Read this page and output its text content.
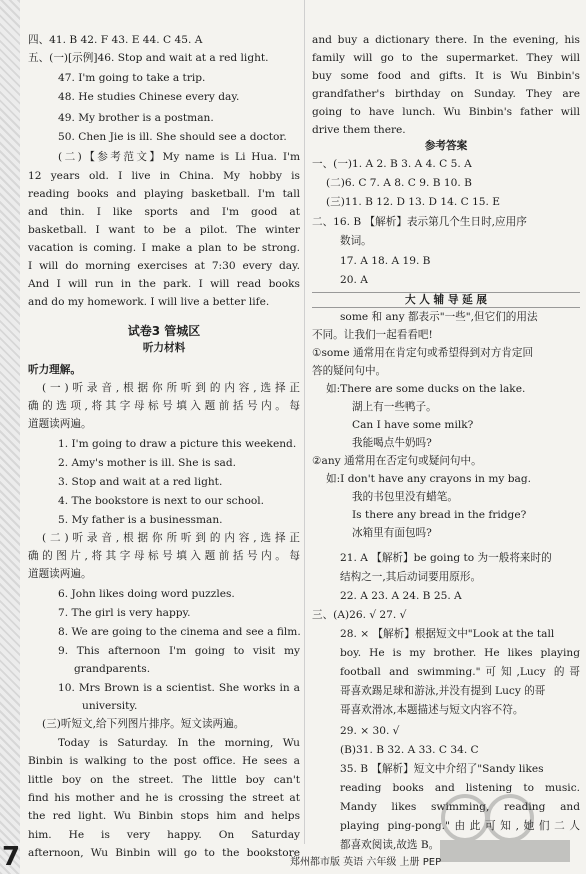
四、41. B 42. F 43. E 44. C 45. A
五、(一)[示例]46. Stop and wait at a red light.
47. I'm going to take a trip.
48. He studies Chinese every day.
49. My brother is a postman.
50. Chen Jie is ill. She should see a doctor.
(二)【参考范文】My name is Li Hua. I'm
12 years old. I live in China. My hobby is
reading books and playing basketball. I'm tall
and thin. I like sports and I'm good at
basketball. I want to be a pilot. The winter
vacation is coming. I make a plan to be strong.
I will do morning exercises at 7:30 every day.
And I will run in the park. I will read books
and do my homework. I will live a better life.
试卷3 管城区
听力材料
听力理解。
(一)听录音,根据你所听到的内容,选择正
确的选项,将其字母标号填入题前括号内。每
道题读两遍。
1. I'm going to draw a picture this weekend.
2. Amy's mother is ill. She is sad.
3. Stop and wait at a red light.
4. The bookstore is next to our school.
5. My father is a businessman.
(二)听录音,根据你所听到的内容,选择正
确的图片,将其字母标号填入题前括号内。每
道题读两遍。
6. John likes doing word puzzles.
7. The girl is very happy.
8. We are going to the cinema and see a film.
9. This afternoon I'm going to visit my
grandparents.
10. Mrs Brown is a scientist. She works in a
university.
(三)听短文,给下列图片排序。短文读两遍。
Today is Saturday. In the morning, Wu
Binbin is walking to the post office. He sees a
little boy on the street. The little boy can't
find his mother and he is crossing the street at
the red light. Wu Binbin stops him and helps
him. He is very happy. On Saturday
afternoon, Wu Binbin will go to the bookstore
and buy a dictionary there. In the evening, his
family will go to the supermarket. They will
buy some food and gifts. It is Wu Binbin's
grandfather's birthday on Sunday. They are
going to have lunch. Wu Binbin's father will
drive them there.
参考答案
一、(一)1. A 2. B 3. A 4. C 5. A
(二)6. C 7. A 8. C 9. B 10. B
(三)11. B 12. D 13. D 14. C 15. E
二、16. B 【解析】表示第几个生日时,应用序
数词。
17. A 18. A 19. B
20. A
大 人 辅 导 延 展
some 和 any 都表示"一些",但它们的用法
不同。让我们一起看看吧!
①some 通常用在肯定句或希望得到对方肯定回
答的疑问句中。
如:There are some ducks on the lake.
湖上有一些鸭子。
Can I have some milk?
我能喝点牛奶吗?
②any 通常用在否定句或疑问句中。
如:I don't have any crayons in my bag.
我的书包里没有蜡笔。
Is there any bread in the fridge?
冰箱里有面包吗?
21. A 【解析】be going to 为一般将来时的
结构之一,其后动词要用原形。
22. A 23. A 24. B 25. A
三、(A)26. √ 27. √
28. × 【解析】根据短文中"Look at the tall
boy. He is my brother. He likes playing
football and swimming."可知,Lucy 的哥
哥喜欢踢足球和游泳,并没有提到 Lucy 的哥
哥喜欢滑冰,本题描述与短文内容不符。
29. × 30. √
(B)31. B 32. A 33. C 34. C
35. B 【解析】短文中介绍了"Sandy likes
reading books and listening to music.
Mandy likes swimming, reading and
playing ping-pong."由此可知,她们二人
都喜欢阅读,故选 B。
7	郑州都市版 英语 六年级 上册 PEP
